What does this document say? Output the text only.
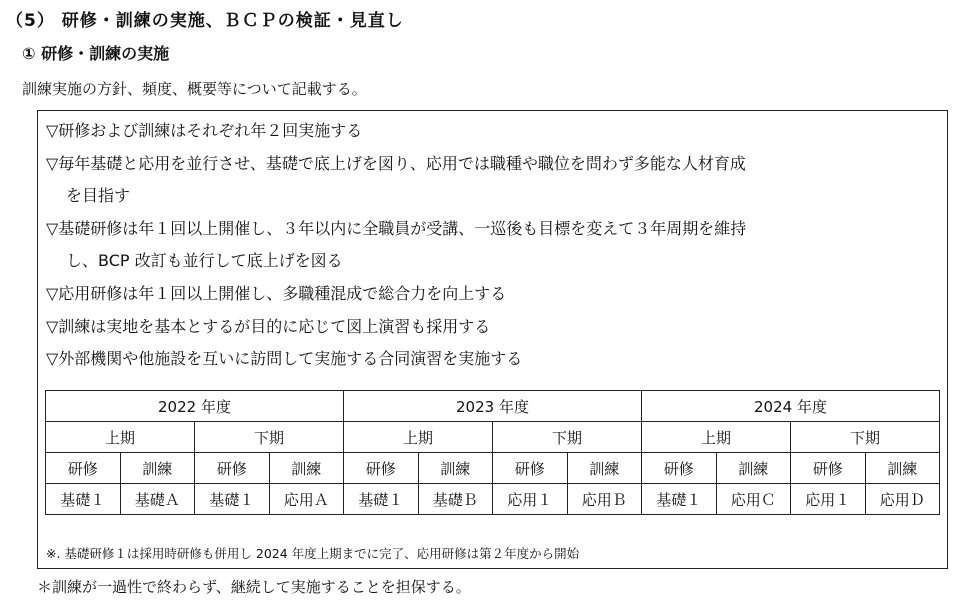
（5） 研修・訓練の実施、ＢＣＰの検証・見直し
① 研修・訓練の実施
訓練実施の方針、頻度、概要等について記載する。
▽研修および訓練はそれぞれ年２回実施する
▽毎年基礎と応用を並行させ、基礎で底上げを図り、応用では職種や職位を問わず多能な人材育成
を目指す
▽基礎研修は年１回以上開催し、３年以内に全職員が受講、一巡後も目標を変えて３年周期を維持
し、BCP 改訂も並行して底上げを図る
▽応用研修は年１回以上開催し、多職種混成で総合力を向上する
▽訓練は実地を基本とするが目的に応じて図上演習も採用する
▽外部機関や他施設を互いに訪問して実施する合同演習を実施する
2022 年度				2023 年度				2024 年度			
上期		下期		上期		下期		上期		下期	
研修	訓練	研修	訓練	研修	訓練	研修	訓練	研修	訓練	研修	訓練
基礎１	基礎Ａ	基礎１	応用Ａ	基礎１	基礎Ｂ	応用１	応用Ｂ	基礎１	応用Ｃ	応用１	応用Ｄ
※. 基礎研修１は採用時研修も併用し 2024 年度上期までに完了、応用研修は第２年度から開始
＊訓練が一過性で終わらず、継続して実施することを担保する。
